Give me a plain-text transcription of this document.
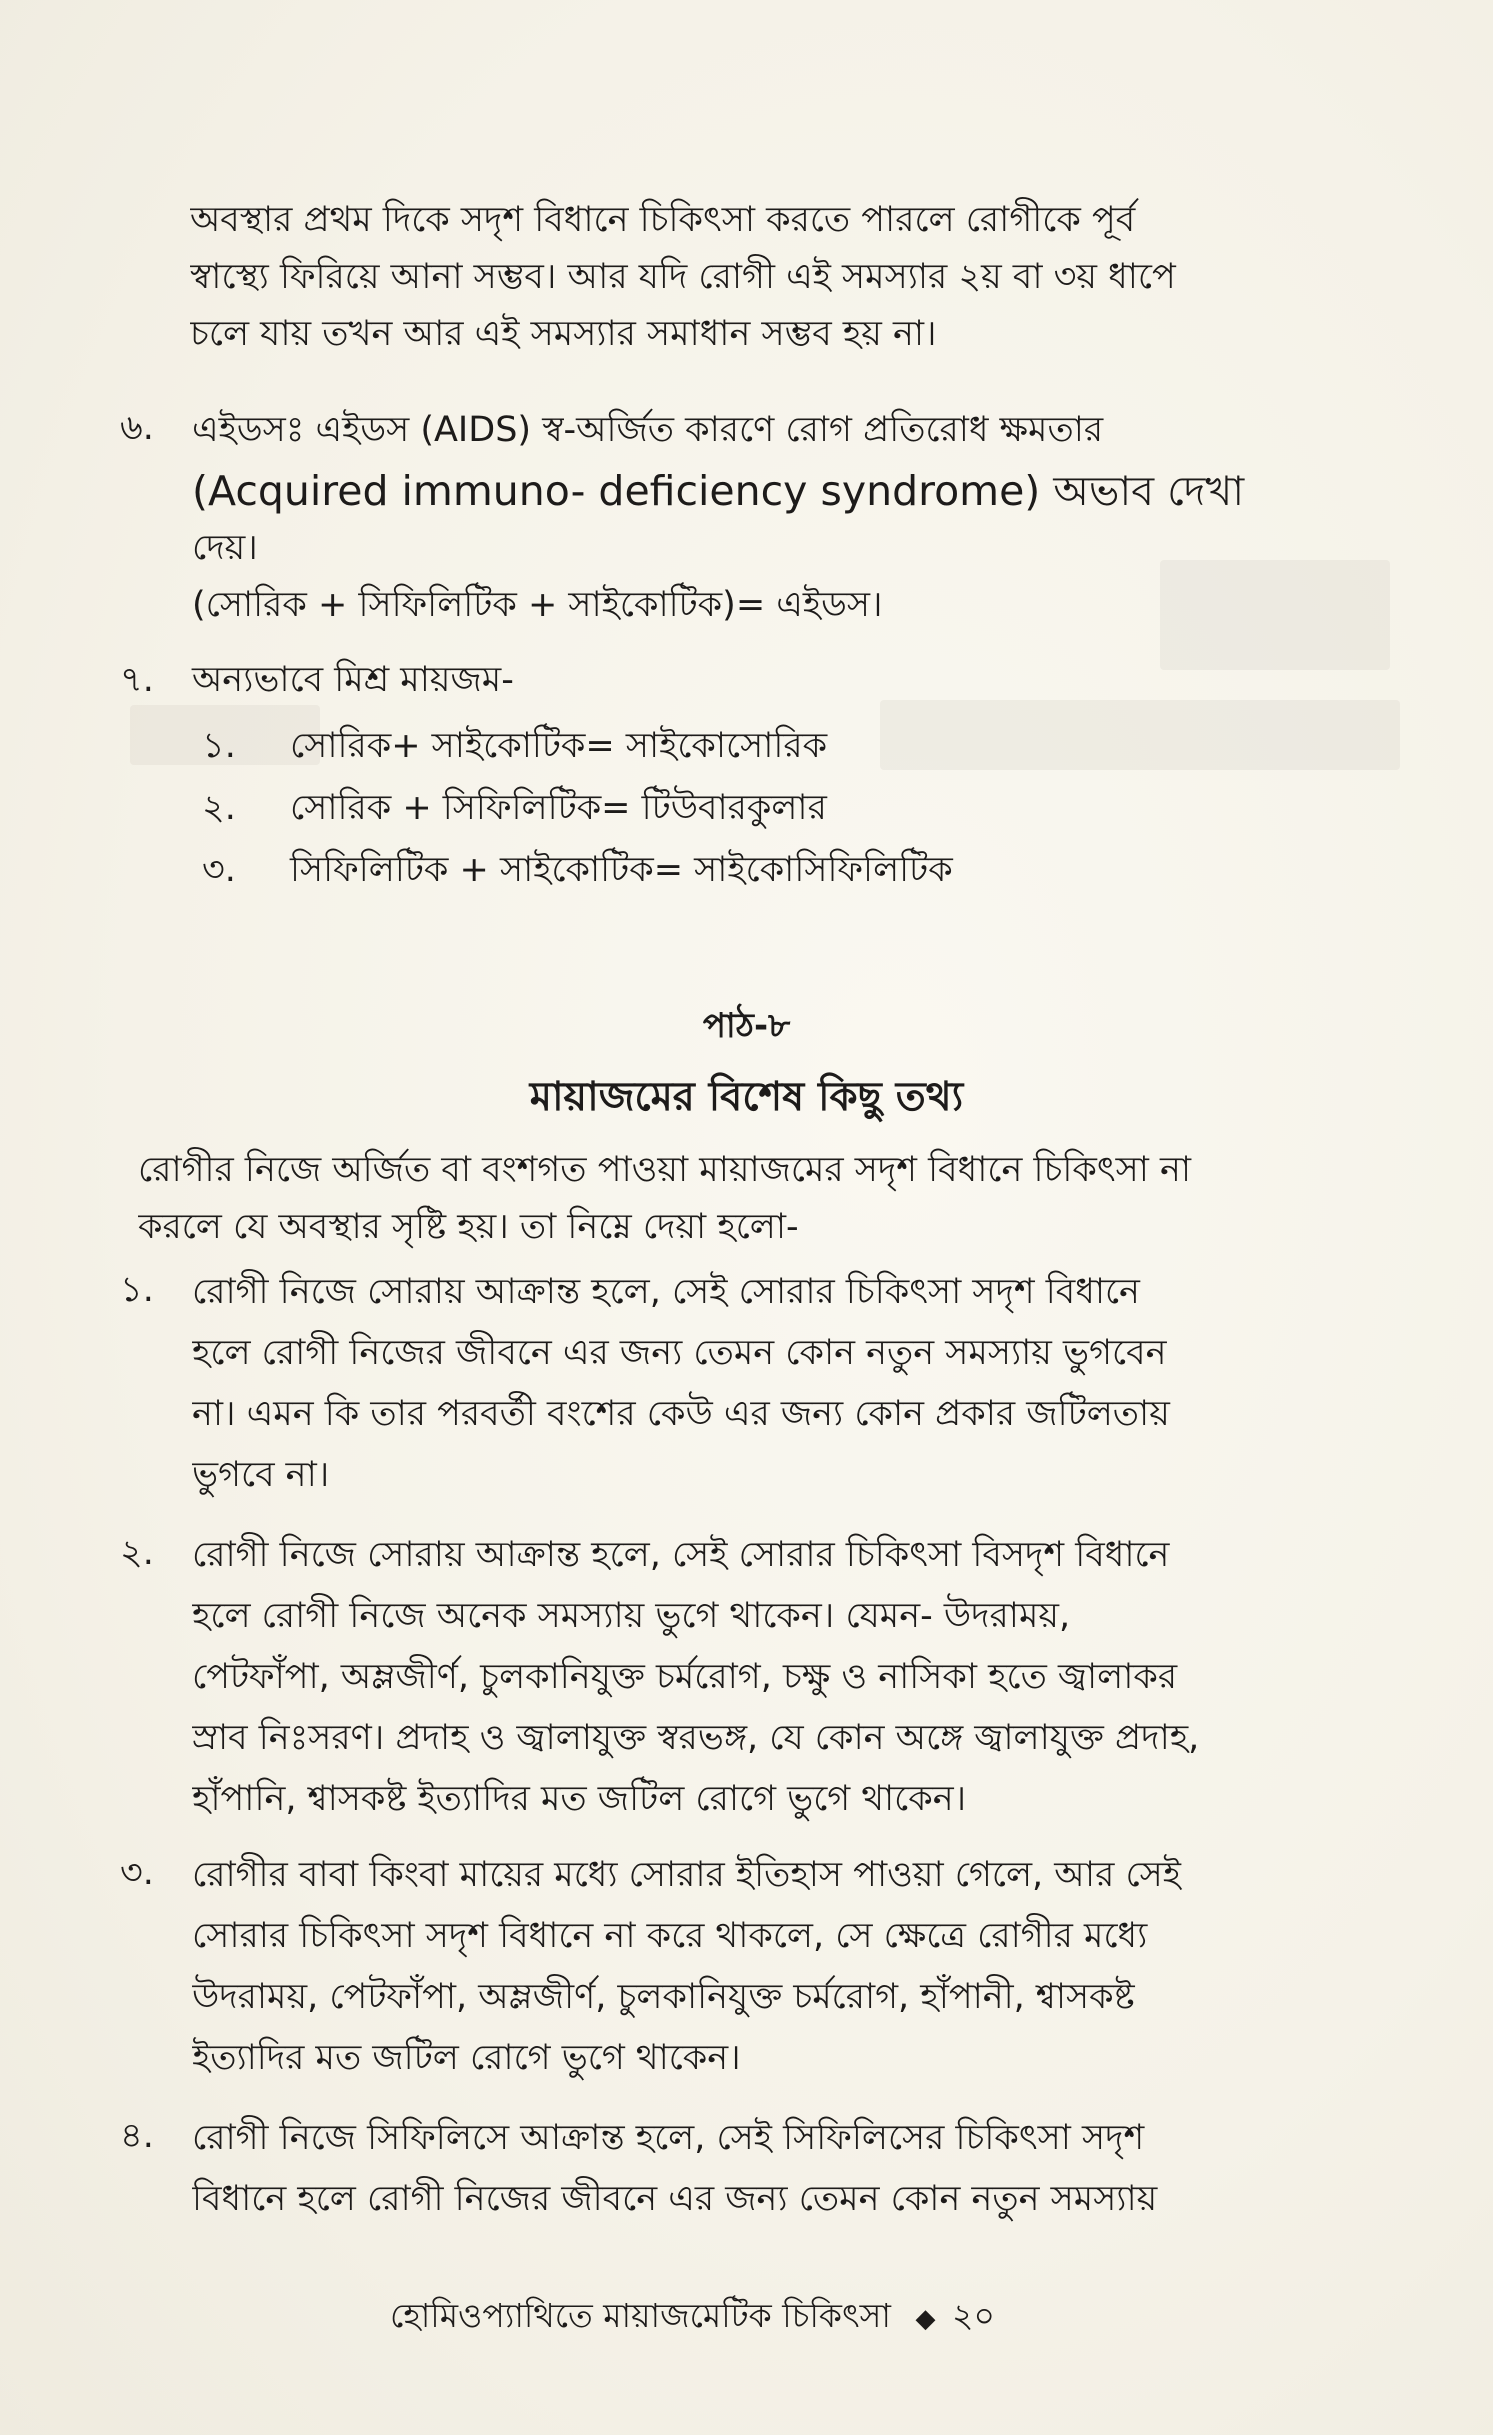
অবস্থার প্রথম দিকে সদৃশ বিধানে চিকিৎসা করতে পারলে রোগীকে পূর্ব
স্বাস্থ্যে ফিরিয়ে আনা সম্ভব। আর যদি রোগী এই সমস্যার ২য় বা ৩য় ধাপে
চলে যায় তখন আর এই সমস্যার সমাধান সম্ভব হয় না।
৬.	এইডসঃ এইডস (AIDS) স্ব-অর্জিত কারণে রোগ প্রতিরোধ ক্ষমতার
(Acquired immuno- deficiency syndrome) অভাব দেখা
দেয়।
(সোরিক + সিফিলিটিক + সাইকোটিক)= এইডস।
৭.	অন্যভাবে মিশ্র মায়জম-
১. সোরিক+ সাইকোটিক= সাইকোসোরিক
২. সোরিক + সিফিলিটিক= টিউবারকুলার
৩. সিফিলিটিক + সাইকোটিক= সাইকোসিফিলিটিক
পাঠ-৮
মায়াজমের বিশেষ কিছু তথ্য
রোগীর নিজে অর্জিত বা বংশগত পাওয়া মায়াজমের সদৃশ বিধানে চিকিৎসা না
করলে যে অবস্থার সৃষ্টি হয়। তা নিম্নে দেয়া হলো-
১.	রোগী নিজে সোরায় আক্রান্ত হলে, সেই সোরার চিকিৎসা সদৃশ বিধানে
হলে রোগী নিজের জীবনে এর জন্য তেমন কোন নতুন সমস্যায় ভুগবেন
না। এমন কি তার পরবর্তী বংশের কেউ এর জন্য কোন প্রকার জটিলতায়
ভুগবে না।
২.	রোগী নিজে সোরায় আক্রান্ত হলে, সেই সোরার চিকিৎসা বিসদৃশ বিধানে
হলে রোগী নিজে অনেক সমস্যায় ভুগে থাকেন। যেমন- উদরাময়,
পেটফাঁপা, অম্লজীর্ণ, চুলকানিযুক্ত চর্মরোগ, চক্ষু ও নাসিকা হতে জ্বালাকর
স্রাব নিঃসরণ। প্রদাহ ও জ্বালাযুক্ত স্বরভঙ্গ, যে কোন অঙ্গে জ্বালাযুক্ত প্রদাহ,
হাঁপানি, শ্বাসকষ্ট ইত্যাদির মত জটিল রোগে ভুগে থাকেন।
৩.	রোগীর বাবা কিংবা মায়ের মধ্যে সোরার ইতিহাস পাওয়া গেলে, আর সেই
সোরার চিকিৎসা সদৃশ বিধানে না করে থাকলে, সে ক্ষেত্রে রোগীর মধ্যে
উদরাময়, পেটফাঁপা, অম্লজীর্ণ, চুলকানিযুক্ত চর্মরোগ, হাঁপানী, শ্বাসকষ্ট
ইত্যাদির মত জটিল রোগে ভুগে থাকেন।
৪.	রোগী নিজে সিফিলিসে আক্রান্ত হলে, সেই সিফিলিসের চিকিৎসা সদৃশ
বিধানে হলে রোগী নিজের জীবনে এর জন্য তেমন কোন নতুন সমস্যায়
হোমিওপ্যাথিতে মায়াজমেটিক চিকিৎসা ◆ ২০
